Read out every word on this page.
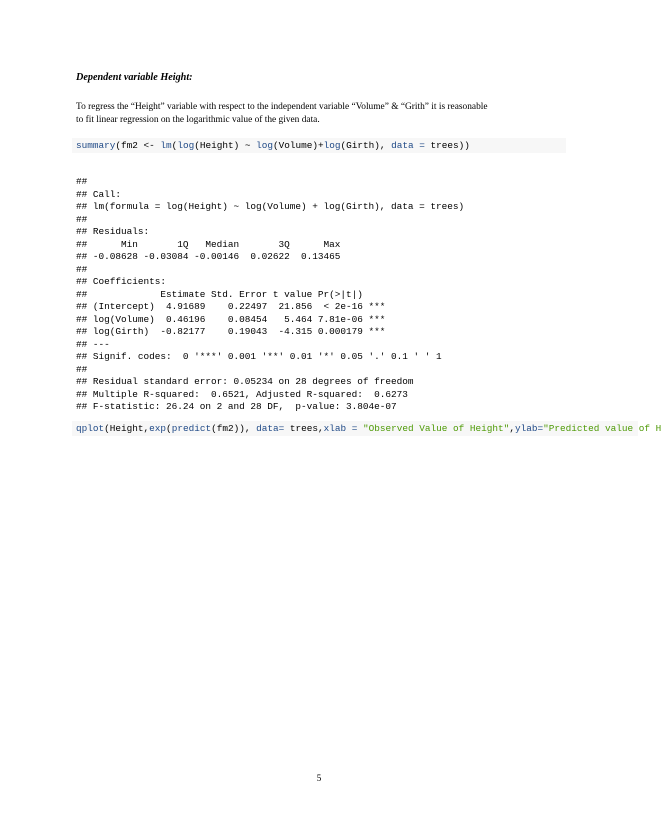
Dependent variable Height:
To regress the “Height” variable with respect to the independent variable “Volume” & “Grith” it is reasonable
to fit linear regression on the logarithmic value of the given data.
summary(fm2 <- lm(log(Height) ~ log(Volume)+log(Girth), data = trees))
##
## Call:
## lm(formula = log(Height) ~ log(Volume) + log(Girth), data = trees)
##
## Residuals:
##      Min       1Q   Median       3Q      Max
## -0.08628 -0.03084 -0.00146  0.02622  0.13465
##
## Coefficients:
##             Estimate Std. Error t value Pr(>|t|)
## (Intercept)  4.91689    0.22497  21.856  < 2e-16 ***
## log(Volume)  0.46196    0.08454   5.464 7.81e-06 ***
## log(Girth)  -0.82177    0.19043  -4.315 0.000179 ***
## ---
## Signif. codes:  0 '***' 0.001 '**' 0.01 '*' 0.05 '.' 0.1 ' ' 1
##
## Residual standard error: 0.05234 on 28 degrees of freedom
## Multiple R-squared:  0.6521, Adjusted R-squared:  0.6273
## F-statistic: 26.24 on 2 and 28 DF,  p-value: 3.804e-07
qplot(Height,exp(predict(fm2)), data= trees,xlab = "Observed Value of Height",ylab="Predicted value of H
5
